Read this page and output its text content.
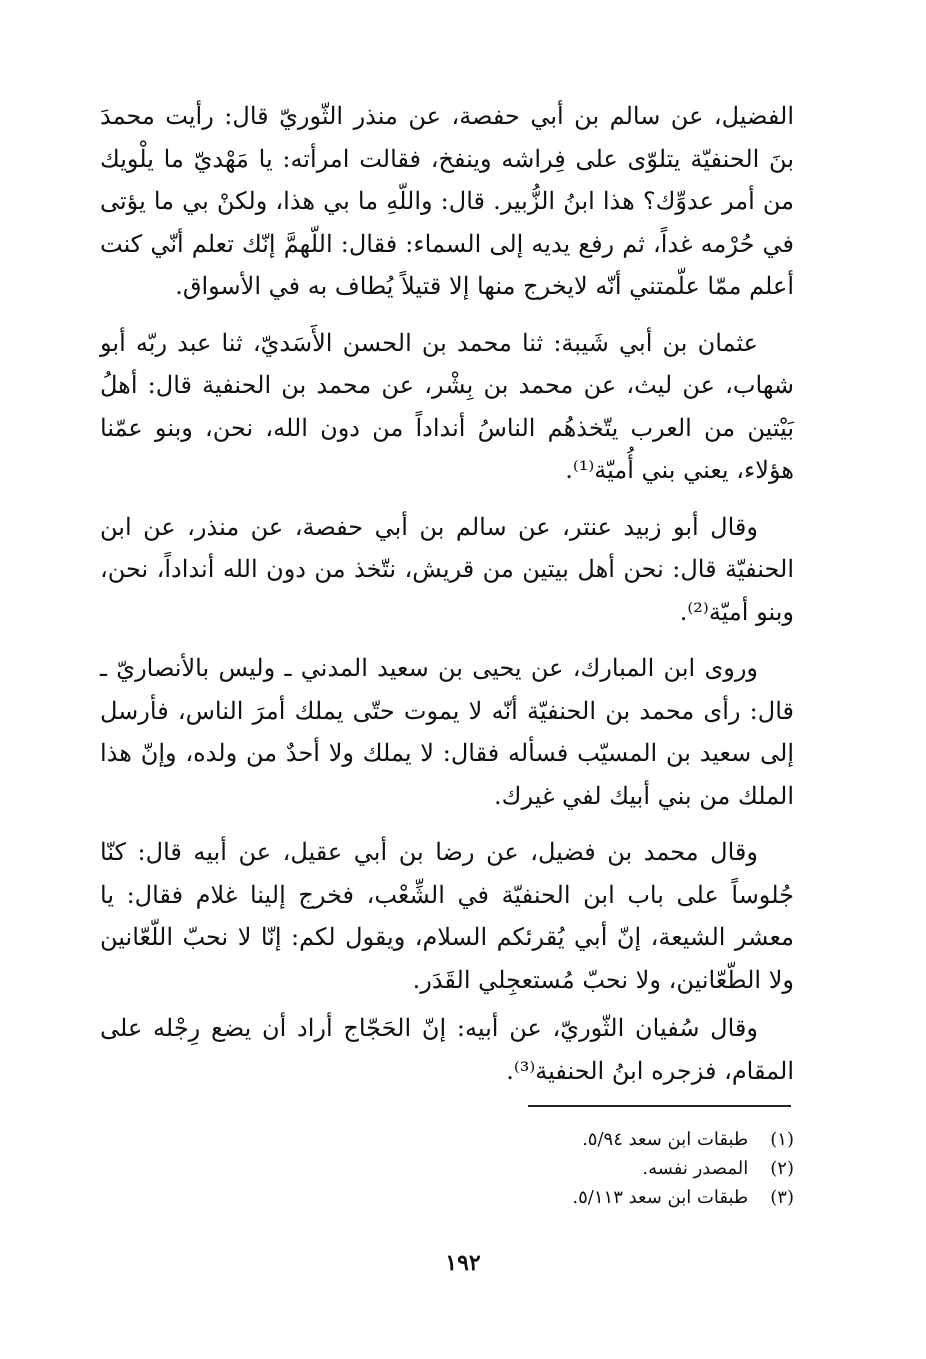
الفضيل، عن سالم بن أبي حفصة، عن منذر الثّوريّ قال: رأيت محمدَ بنَ الحنفيّة يتلوّى على فِراشه وينفخ، فقالت امرأته: يا مَهْديّ ما يلْويك من أمر عدوِّك؟ هذا ابنُ الزُّبير. قال: واللّهِ ما بي هذا، ولكنْ بي ما يؤتى في حُرْمه غداً، ثم رفع يديه إلى السماء: فقال: اللّهمَّ إنّك تعلم أنّي كنت أعلم ممّا علّمتني أنّه لايخرج منها إلا قتيلاً يُطاف به في الأسواق.

عثمان بن أبي شَيبة: ثنا محمد بن الحسن الأَسَديّ، ثنا عبد ربّه أبو شهاب، عن ليث، عن محمد بن بِشْر، عن محمد بن الحنفية قال: أهلُ بَيْتين من العرب يتّخذهُم الناسُ أنداداً من دون الله، نحن، وبنو عمّنا هؤلاء، يعني بني أُميّة⁽¹⁾.

وقال أبو زبيد عنتر، عن سالم بن أبي حفصة، عن منذر، عن ابن الحنفيّة قال: نحن أهل بيتين من قريش، نتّخذ من دون الله أنداداً، نحن، وبنو أميّة⁽²⁾.

وروى ابن المبارك، عن يحيى بن سعيد المدني ـ وليس بالأنصاريّ ـ قال: رأى محمد بن الحنفيّة أنّه لا يموت حتّى يملك أمرَ الناس، فأرسل إلى سعيد بن المسيّب فسأله فقال: لا يملك ولا أحدٌ من ولده، وإنّ هذا الملك من بني أبيك لفي غيرك.

وقال محمد بن فضيل، عن رضا بن أبي عقيل، عن أبيه قال: كنّا جُلوساً على باب ابن الحنفيّة في الشِّعْب، فخرج إلينا غلام فقال: يا معشر الشيعة، إنّ أبي يُقرئكم السلام، ويقول لكم: إنّا لا نحبّ اللّعّانين ولا الطّعّانين، ولا نحبّ مُستعجِلي القَدَر.

وقال سُفيان الثّوريّ، عن أبيه: إنّ الحَجّاج أراد أن يضع رِجْله على المقام، فزجره ابنُ الحنفية⁽³⁾.

(١) طبقات ابن سعد ٥/٩٤.

(٢) المصدر نفسه.

(٣) طبقات ابن سعد ٥/١١٣.

١٩٢
